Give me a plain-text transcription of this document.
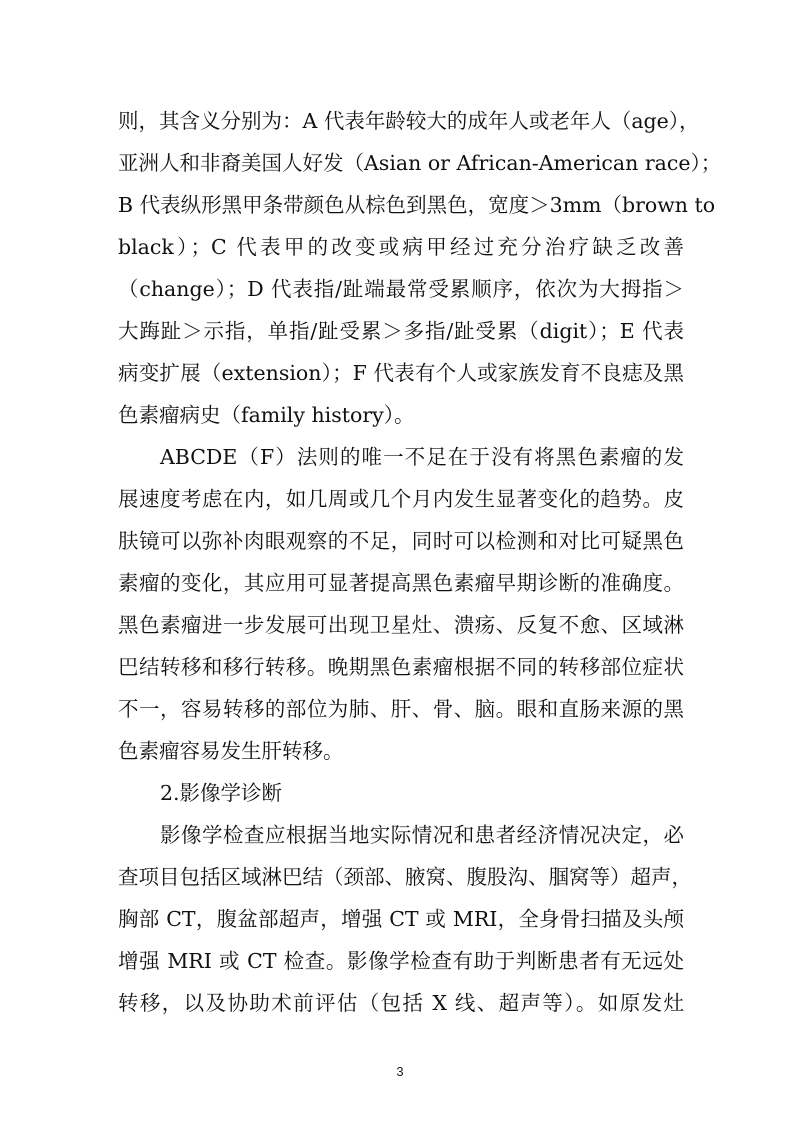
则，其含义分别为：A 代表年龄较大的成年人或老年人（age），
亚洲人和非裔美国人好发（Asian or African-American race）；
B 代表纵形黑甲条带颜色从棕色到黑色，宽度＞3mm（brown to
black）；C 代表甲的改变或病甲经过充分治疗缺乏改善
（change）；D 代表指/趾端最常受累顺序，依次为大拇指＞
大踇趾＞示指，单指/趾受累＞多指/趾受累（digit）；E 代表
病变扩展（extension）；F 代表有个人或家族发育不良痣及黑
色素瘤病史（family history）。
ABCDE（F）法则的唯一不足在于没有将黑色素瘤的发
展速度考虑在内，如几周或几个月内发生显著变化的趋势。皮
肤镜可以弥补肉眼观察的不足，同时可以检测和对比可疑黑色
素瘤的变化，其应用可显著提高黑色素瘤早期诊断的准确度。
黑色素瘤进一步发展可出现卫星灶、溃疡、反复不愈、区域淋
巴结转移和移行转移。晚期黑色素瘤根据不同的转移部位症状
不一，容易转移的部位为肺、肝、骨、脑。眼和直肠来源的黑
色素瘤容易发生肝转移。
2.影像学诊断
影像学检查应根据当地实际情况和患者经济情况决定，必
查项目包括区域淋巴结（颈部、腋窝、腹股沟、腘窝等）超声，
胸部 CT，腹盆部超声，增强 CT 或 MRI，全身骨扫描及头颅
增强 MRI 或 CT 检查。影像学检查有助于判断患者有无远处
转移，以及协助术前评估（包括 X 线、超声等）。如原发灶
3
